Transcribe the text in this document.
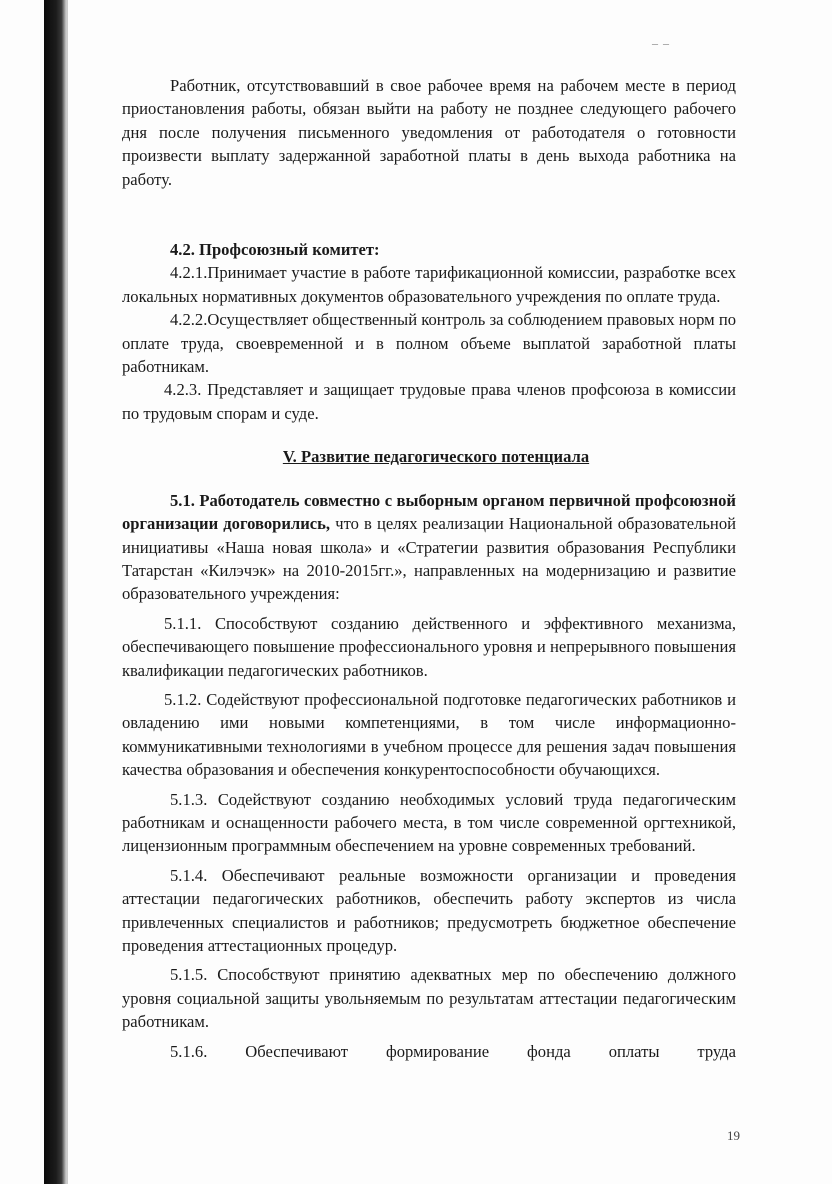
– –

Работник, отсутствовавший в свое рабочее время на рабочем месте в период приостановления работы, обязан выйти на работу не позднее следующего рабочего дня после получения письменного уведомления от работодателя о готовности произвести выплату задержанной заработной платы в день выхода работника на работу.

4.2. Профсоюзный комитет:

4.2.1.Принимает участие в работе тарификационной комиссии, разработке всех локальных нормативных документов образовательного учреждения по оплате труда.

4.2.2.Осуществляет общественный контроль за соблюдением правовых норм по оплате труда, своевременной и в полном объеме выплатой заработной платы работникам.

4.2.3. Представляет и защищает трудовые права членов профсоюза в комиссии по трудовым спорам и суде.

V. Развитие педагогического потенциала

5.1. Работодатель совместно с выборным органом первичной профсоюзной организации договорились, что в целях реализации Национальной образовательной инициативы «Наша новая школа» и «Стратегии развития образования Республики Татарстан «Килэчэк» на 2010-2015гг.», направленных на модернизацию и развитие образовательного учреждения:

5.1.1. Способствуют созданию действенного и эффективного механизма, обеспечивающего повышение профессионального уровня и непрерывного повышения квалификации педагогических работников.

5.1.2. Содействуют профессиональной подготовке педагогических работников и овладению ими новыми компетенциями, в том числе информационно-коммуникативными технологиями в учебном процессе для решения задач повышения качества образования и обеспечения конкурентоспособности обучающихся.

5.1.3. Содействуют созданию необходимых условий труда педагогическим работникам и оснащенности рабочего места, в том числе современной оргтехникой, лицензионным программным обеспечением на уровне современных требований.

5.1.4. Обеспечивают реальные возможности организации и проведения аттестации педагогических работников, обеспечить работу экспертов из числа привлеченных специалистов и работников; предусмотреть бюджетное обеспечение проведения аттестационных процедур.

5.1.5. Способствуют принятию адекватных мер по обеспечению должного уровня социальной защиты увольняемым по результатам аттестации педагогическим работникам.

5.1.6. Обеспечивают формирование фонда оплаты труда

19
